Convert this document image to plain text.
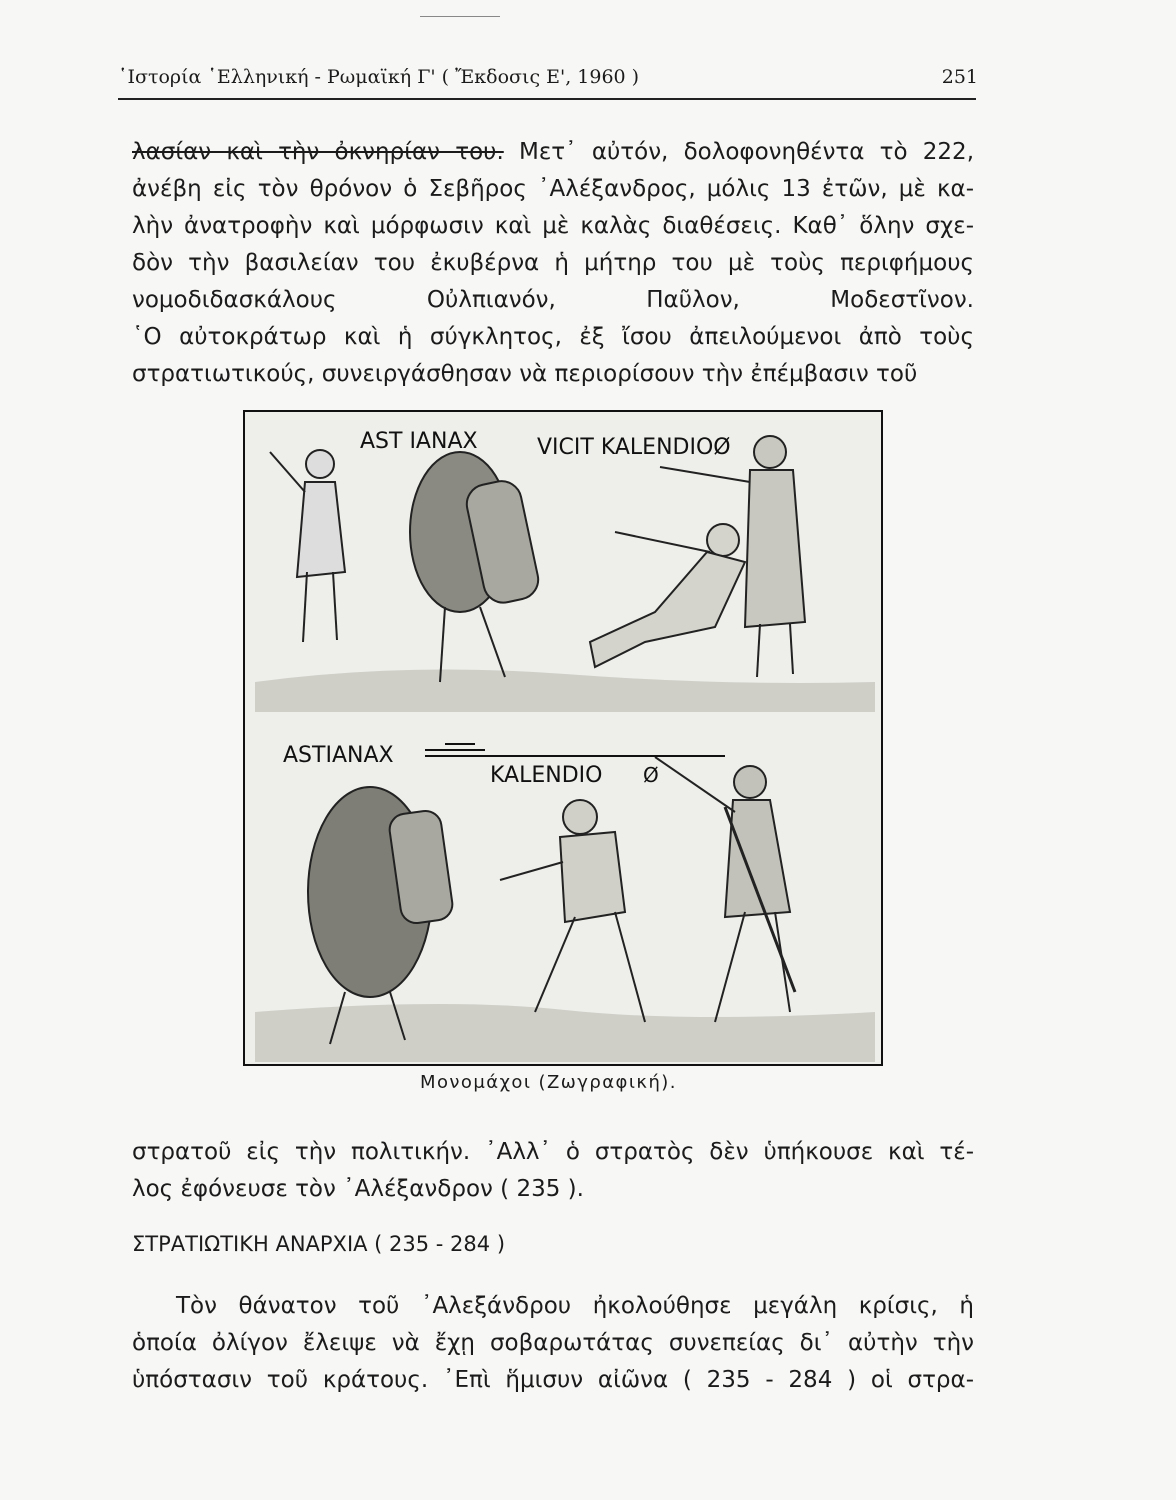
῾Ιστορία ῾Ελληνική - Ρωμαϊκή Γ' ( Ἔκδοσις Ε', 1960 )	251
λασίαν καὶ τὴν ὀκνηρίαν του. Μετ᾽ αὐτόν, δολοφονηθέντα τὸ 222,
ἀνέβη εἰς τὸν θρόνον ὁ Σεβῆρος ᾿Αλέξανδρος, μόλις 13 ἐτῶν, μὲ κα-
λὴν ἀνατροφὴν καὶ μόρφωσιν καὶ μὲ καλὰς διαθέσεις. Καθ᾽ ὅλην σχε-
δὸν τὴν βασιλείαν του ἐκυβέρνα ἡ μήτηρ του μὲ τοὺς περιφήμους
νομοδιδασκάλους Οὐλπιανόν, Παῦλον, Μοδεστῖνον.
῾Ο αὐτοκράτωρ καὶ ἡ σύγκλητος, ἐξ ἴσου ἀπειλούμενοι ἀπὸ τοὺς
στρατιωτικούς, συνειργάσθησαν νὰ περιορίσουν τὴν ἐπέμβασιν τοῦ
AST IANAX	VICIT KALENDIOØ
ASTIANAX
KALENDIO Ø
Μονομάχοι (Ζωγραφική).
στρατοῦ εἰς τὴν πολιτικήν. ᾿Αλλ᾽ ὁ στρατὸς δὲν ὑπήκουσε καὶ τέ-
λος ἐφόνευσε τὸν ᾿Αλέξανδρον ( 235 ).
ΣΤΡΑΤΙΩΤΙΚΗ ΑΝΑΡΧΙΑ ( 235 - 284 )
Τὸν θάνατον τοῦ ᾿Αλεξάνδρου ἠκολούθησε μεγάλη κρίσις, ἡ
ὁποία ὀλίγον ἔλειψε νὰ ἔχῃ σοβαρωτάτας συνεπείας δι᾽ αὐτὴν τὴν
ὑπόστασιν τοῦ κράτους. ᾿Επὶ ἥμισυν αἰῶνα ( 235 - 284 ) οἱ στρα-
